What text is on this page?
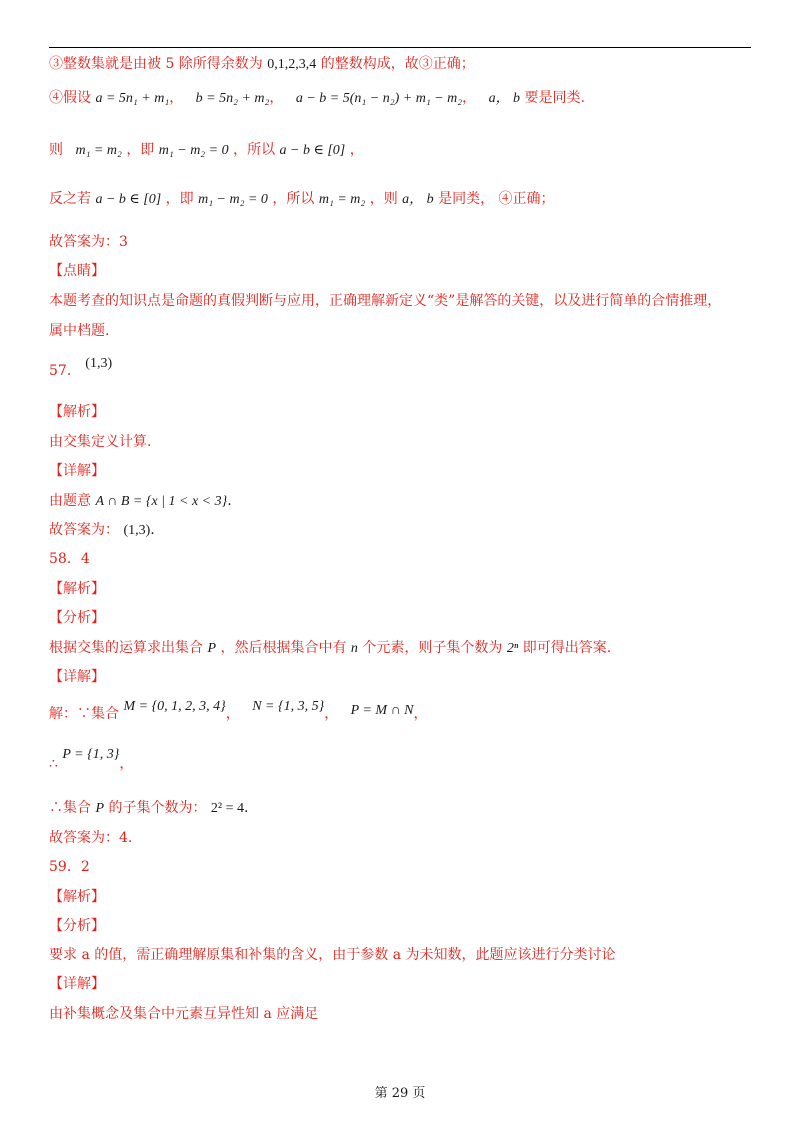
③整数集就是由被 5 除所得余数为 0,1,2,3,4 的整数构成，故③正确；
④假设 a = 5n₁ + m₁， b = 5n₂ + m₂， a − b = 5(n₁ − n₂) + m₁ − m₂， a， b 要是同类.
则 m₁ = m₂ ，即 m₁ − m₂ = 0 ，所以 a − b ∈ [0] ，
反之若 a − b ∈ [0] ，即 m₁ − m₂ = 0 ，所以 m₁ = m₂ ，则 a， b 是同类， ④正确；
故答案为：3
【点睛】
本题考查的知识点是命题的真假判断与应用，正确理解新定义“类”是解答的关键，以及进行简单的合情推理，
属中档题.
57． (1,3)
【解析】
由交集定义计算.
【详解】
由题意 A ∩ B = {x | 1 < x < 3}.
故答案为： (1,3).
58．4
【解析】
【分析】
根据交集的运算求出集合 P ，然后根据集合中有 n 个元素，则子集个数为 2ⁿ 即可得出答案.
【详解】
解：∵集合 M = {0, 1, 2, 3, 4}， N = {1, 3, 5}， P = M ∩ N，
∴ P = {1, 3}，
∴集合 P 的子集个数为： 2² = 4.
故答案为：4.
59．2
【解析】
【分析】
要求 a 的值，需正确理解原集和补集的含义，由于参数 a 为未知数，此题应该进行分类讨论
【详解】
由补集概念及集合中元素互异性知 a 应满足
第 29 页
